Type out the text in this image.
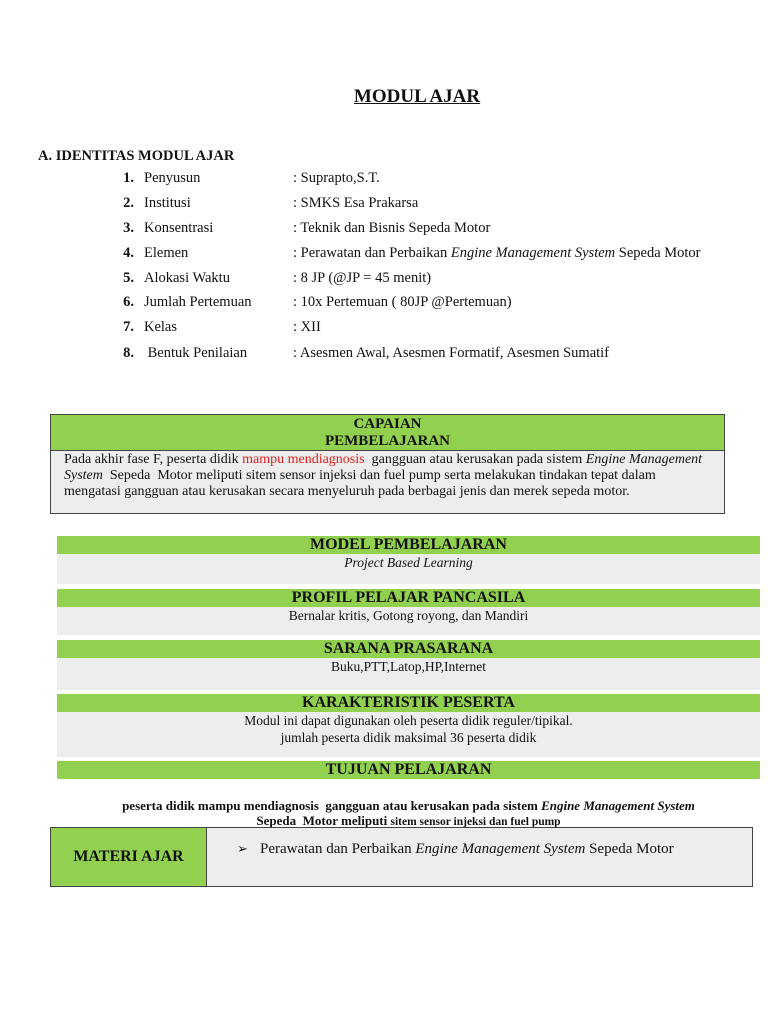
MODUL AJAR
A. IDENTITAS MODUL AJAR
1. Penyusun	: Suprapto,S.T.
2. Institusi	: SMKS Esa Prakarsa
3. Konsentrasi	: Teknik dan Bisnis Sepeda Motor
4. Elemen	: Perawatan dan Perbaikan Engine Management System Sepeda Motor
5. Alokasi Waktu	: 8 JP (@JP = 45 menit)
6. Jumlah Pertemuan	: 10x Pertemuan ( 80JP @Pertemuan)
7. Kelas	: XII
8. Bentuk Penilaian	: Asesmen Awal, Asesmen Formatif, Asesmen Sumatif
CAPAIAN
PEMBELAJARAN
Pada akhir fase F, peserta didik mampu mendiagnosis  gangguan atau kerusakan pada sistem Engine Management System  Sepeda  Motor meliputi sitem sensor injeksi dan fuel pump serta melakukan tindakan tepat dalam mengatasi gangguan atau kerusakan secara menyeluruh pada berbagai jenis dan merek sepeda motor.
MODEL PEMBELAJARAN
Project Based Learning
PROFIL PELAJAR PANCASILA
Bernalar kritis, Gotong royong, dan Mandiri
SARANA PRASARANA
Buku,PTT,Latop,HP,Internet
KARAKTERISTIK PESERTA
Modul ini dapat digunakan oleh peserta didik reguler/tipikal.
jumlah peserta didik maksimal 36 peserta didik
TUJUAN PELAJARAN
peserta didik mampu mendiagnosis  gangguan atau kerusakan pada sistem Engine Management System
Sepeda  Motor meliputi sitem sensor injeksi dan fuel pump
MATERI AJAR	➢ Perawatan dan Perbaikan Engine Management System Sepeda Motor
